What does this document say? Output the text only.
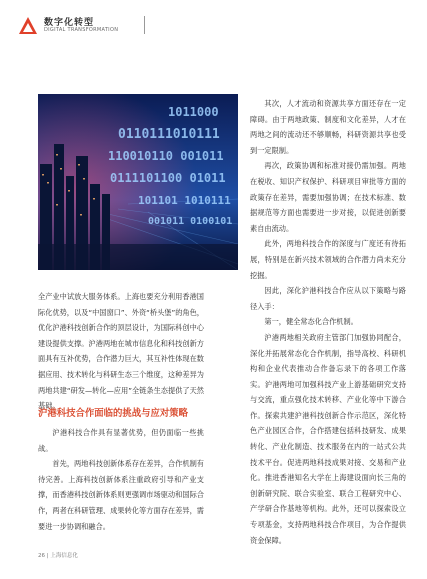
数字化转型
DIGITAL TRANSFORMATION
1011000
0110111010111
110010110 001011
0111101100 01011
101101 1010111
001011 0100101

全产业中试放大服务体系。上海也要充分利用香港国际化优势，以及“中国窗口”、外资“桥头堡”的角色，优化沪港科技创新合作的顶层设计，为国际科创中心建设提供支撑。沪港两地在城市信息化和科技创新方面具有互补优势，合作潜力巨大，其互补性体现在数据应用、技术转化与科研生态三个维度，这种差异为两地共建“研发—转化—应用”全链条生态提供了天然基础。

沪港科技合作面临的挑战与应对策略

沪港科技合作具有显著优势，但仍面临一些挑战。

首先，两地科技创新体系存在差异，合作机制有待完善。上海科技创新体系注重政府引导和产业支撑，而香港科技创新体系则更强调市场驱动和国际合作，两者在科研管理、成果转化等方面存在差异，需要进一步协调和融合。

其次，人才流动和资源共享方面还存在一定障碍。由于两地政策、制度和文化差异，人才在两地之间的流动还不够顺畅，科研资源共享也受到一定限制。

再次，政策协调和标准对接仍需加强。两地在税收、知识产权保护、科研项目审批等方面的政策存在差异，需要加强协调；在技术标准、数据规范等方面也需要进一步对接，以促进创新要素自由流动。

此外，两地科技合作的深度与广度还有待拓展，特别是在新兴技术领域的合作潜力尚未充分挖掘。

因此，深化沪港科技合作应从以下策略与路径入手：

第一，健全常态化合作机制。

沪港两地相关政府主管部门加强协同配合，深化并拓展常态化合作机制，指导高校、科研机构和企业代表推动合作备忘录下的各项工作落实。沪港两地可加强科技产业上游基础研究支持与交流，重点强化技术转移、产业化等中下游合作。探索共建沪港科技创新合作示范区，深化特色产业园区合作，合作搭建包括科技研发、成果转化、产业化制造、技术服务在内的一站式公共技术平台。促进两地科技成果对接、交易和产业化。推进香港知名大学在上海建设面向长三角的创新研究院、联合实验室、联合工程研究中心、产学研合作基地等机构。此外，还可以探索设立专项基金，支持两地科技合作项目，为合作提供资金保障。

26 | 上海信息化
